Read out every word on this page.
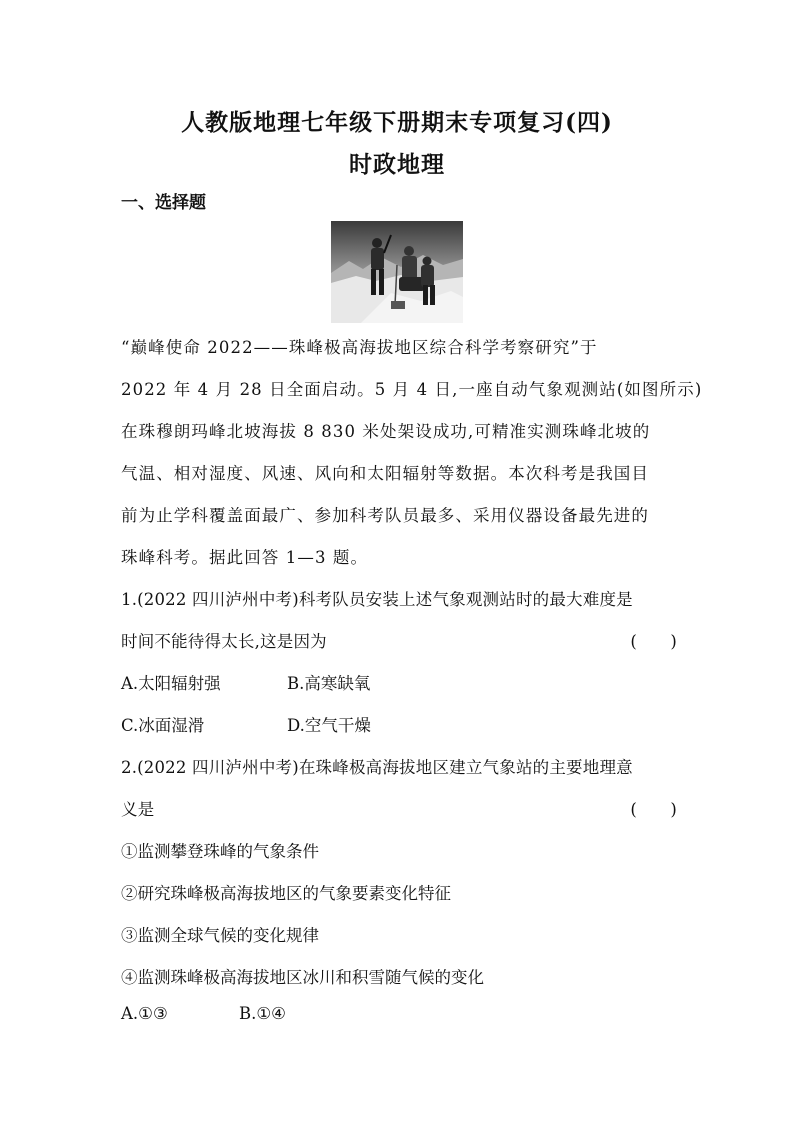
人教版地理七年级下册期末专项复习(四)
时政地理
一、选择题
“巅峰使命 2022——珠峰极高海拔地区综合科学考察研究”于
2022 年 4 月 28 日全面启动。5 月 4 日,一座自动气象观测站(如图所示)
在珠穆朗玛峰北坡海拔 8 830 米处架设成功,可精准实测珠峰北坡的
气温、相对湿度、风速、风向和太阳辐射等数据。本次科考是我国目
前为止学科覆盖面最广、参加科考队员最多、采用仪器设备最先进的
珠峰科考。据此回答 1—3 题。
1.(2022 四川泸州中考)科考队员安装上述气象观测站时的最大难度是
时间不能待得太长,这是因为	(　　)
A.太阳辐射强	B.高寒缺氧
C.冰面湿滑	D.空气干燥
2.(2022 四川泸州中考)在珠峰极高海拔地区建立气象站的主要地理意
义是	(　　)
①监测攀登珠峰的气象条件
②研究珠峰极高海拔地区的气象要素变化特征
③监测全球气候的变化规律
④监测珠峰极高海拔地区冰川和积雪随气候的变化
A.①③	B.①④
